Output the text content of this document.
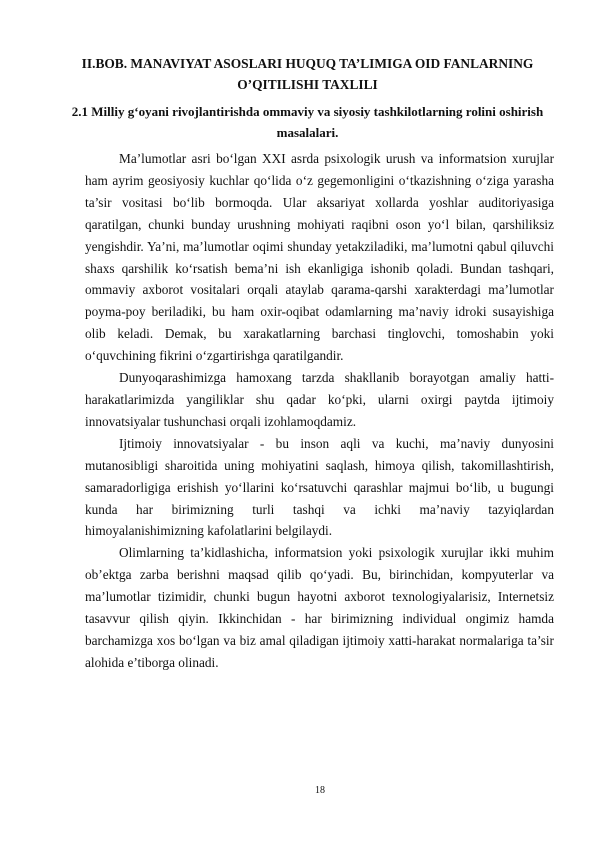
II.BOB. MANAVIYAT ASOSLARI HUQUQ TA’LIMIGA OID FANLARNING O’QITILISHI TAXLILI
2.1 Milliy g‘oyani rivojlantirishda ommaviy va siyosiy tashkilotlarning rolini oshirish masalalari.

Ma’lumotlar asri bo‘lgan XXI asrda psixologik urush va informatsion xurujlar ham ayrim geosiyosiy kuchlar qo‘lida o‘z gegemonligini o‘tkazishning o‘ziga yarasha ta’sir vositasi bo‘lib bormoqda. Ular aksariyat xollarda yoshlar auditoriyasiga qaratilgan, chunki bunday urushning mohiyati raqibni oson yo‘l bilan, qarshiliksiz yengishdir. Ya’ni, ma’lumotlar oqimi shunday yetakziladiki, ma’lumotni qabul qiluvchi shaxs qarshilik ko‘rsatish bema’ni ish ekanligiga ishonib qoladi. Bundan tashqari, ommaviy axborot vositalari orqali ataylab qarama-qarshi xarakterdagi ma’lumotlar poyma-poy beriladiki, bu ham oxir-oqibat odamlarning ma’naviy idroki susayishiga olib keladi. Demak, bu xarakatlarning barchasi tinglovchi, tomoshabin yoki o‘quvchining fikrini o‘zgartirishga qaratilgandir.

Dunyoqarashimizga hamoxang tarzda shakllanib borayotgan amaliy hatti-harakatlarimizda yangiliklar shu qadar ko‘pki, ularni oxirgi paytda ijtimoiy innovatsiyalar tushunchasi orqali izohlamoqdamiz.

Ijtimoiy innovatsiyalar - bu inson aqli va kuchi, ma’naviy dunyosini mutanosibligi sharoitida uning mohiyatini saqlash, himoya qilish, takomillashtirish, samaradorligiga erishish yo‘llarini ko‘rsatuvchi qarashlar majmui bo‘lib, u bugungi kunda har birimizning turli tashqi va ichki ma’naviy tazyiqlardan himoyalanishimizning kafolatlarini belgilaydi.

Olimlarning ta’kidlashicha, informatsion yoki psixologik xurujlar ikki muhim ob’ektga zarba berishni maqsad qilib qo‘yadi. Bu, birinchidan, kompyuterlar va ma’lumotlar tizimidir, chunki bugun hayotni axborot texnologiyalarisiz, Internetsiz tasavvur qilish qiyin. Ikkinchidan - har birimizning individual ongimiz hamda barchamizga xos bo‘lgan va biz amal qiladigan ijtimoiy xatti-harakat normalariga ta’sir alohida e’tiborga olinadi.

18
